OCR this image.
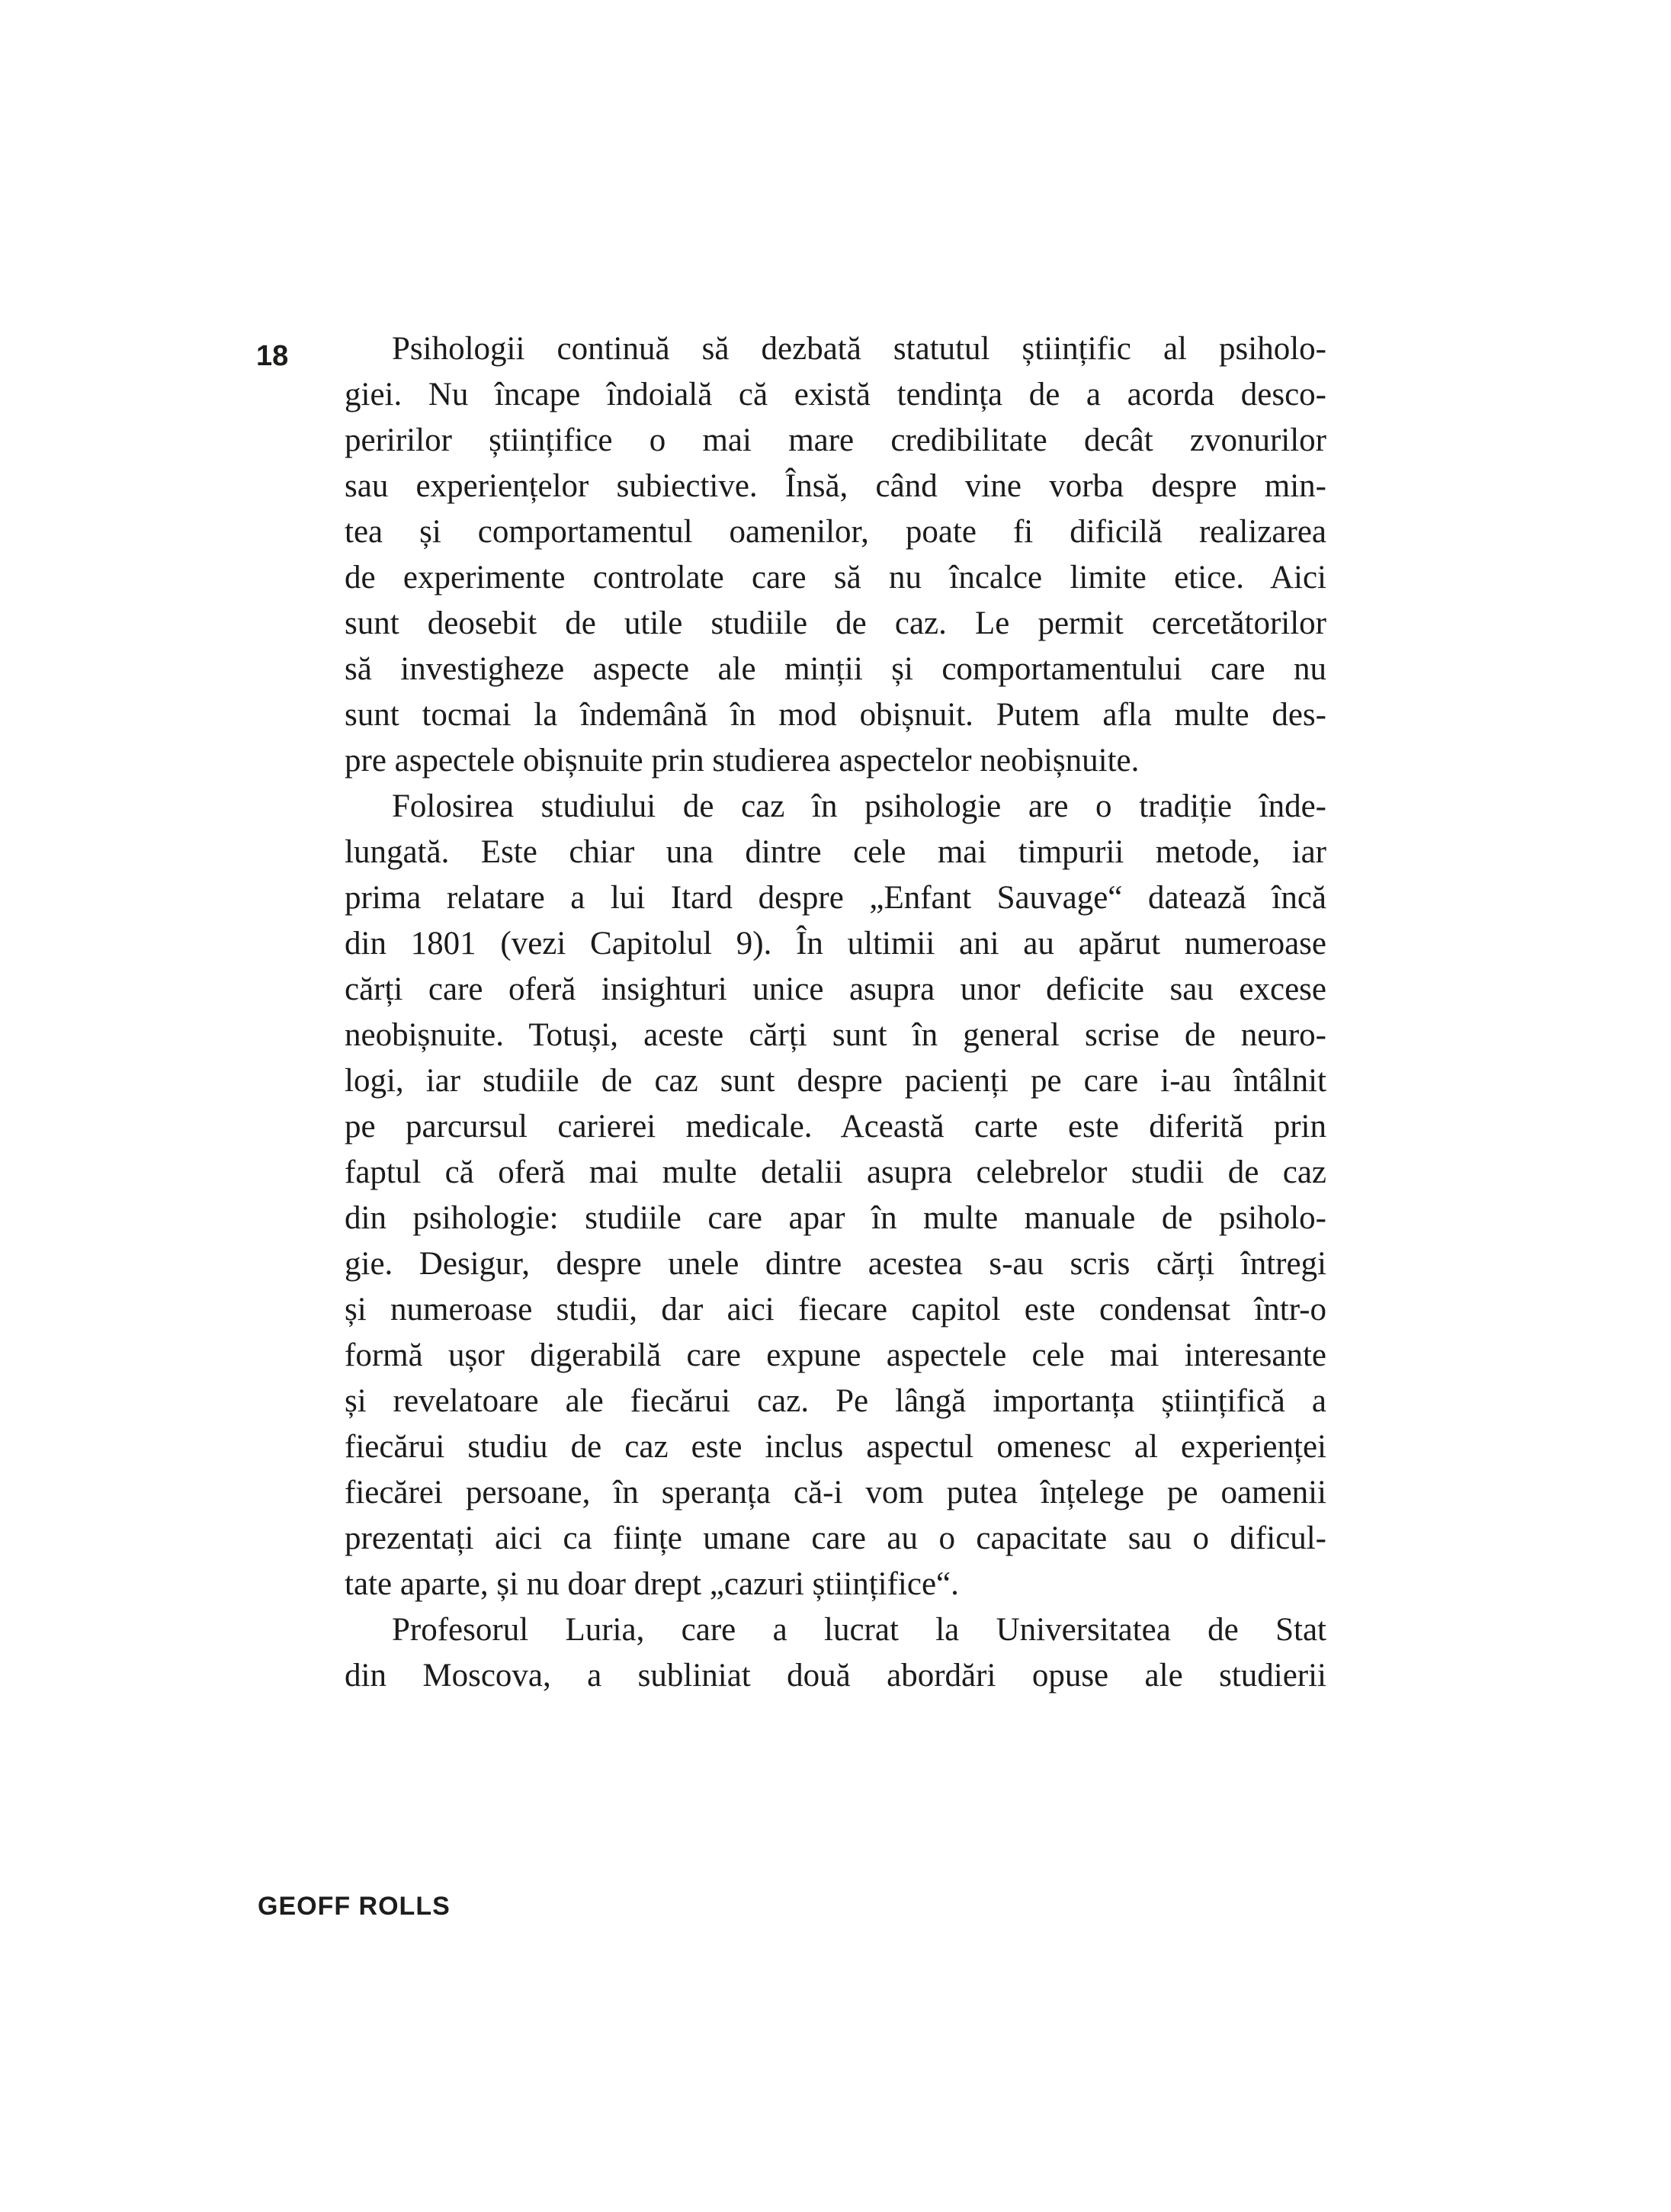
18	Psihologii continuă să dezbată statutul științific al psiholo-
giei. Nu încape îndoială că există tendința de a acorda desco-
peririlor științifice o mai mare credibilitate decât zvonurilor
sau experiențelor subiective. Însă, când vine vorba despre min-
tea și comportamentul oamenilor, poate fi dificilă realizarea
de experimente controlate care să nu încalce limite etice. Aici
sunt deosebit de utile studiile de caz. Le permit cercetătorilor
să investigheze aspecte ale minții și comportamentului care nu
sunt tocmai la îndemână în mod obișnuit. Putem afla multe des-
pre aspectele obișnuite prin studierea aspectelor neobișnuite.
Folosirea studiului de caz în psihologie are o tradiție înde-
lungată. Este chiar una dintre cele mai timpurii metode, iar
prima relatare a lui Itard despre „Enfant Sauvage“ datează încă
din 1801 (vezi Capitolul 9). În ultimii ani au apărut numeroase
cărți care oferă insighturi unice asupra unor deficite sau excese
neobișnuite. Totuși, aceste cărți sunt în general scrise de neuro-
logi, iar studiile de caz sunt despre pacienți pe care i-au întâlnit
pe parcursul carierei medicale. Această carte este diferită prin
faptul că oferă mai multe detalii asupra celebrelor studii de caz
din psihologie: studiile care apar în multe manuale de psiholo-
gie. Desigur, despre unele dintre acestea s-au scris cărți întregi
și numeroase studii, dar aici fiecare capitol este condensat într-o
formă ușor digerabilă care expune aspectele cele mai interesante
și revelatoare ale fiecărui caz. Pe lângă importanța științifică a
fiecărui studiu de caz este inclus aspectul omenesc al experienței
fiecărei persoane, în speranța că-i vom putea înțelege pe oamenii
prezentați aici ca ființe umane care au o capacitate sau o dificul-
tate aparte, și nu doar drept „cazuri științifice“.
Profesorul Luria, care a lucrat la Universitatea de Stat
din Moscova, a subliniat două abordări opuse ale studierii
GEOFF ROLLS
